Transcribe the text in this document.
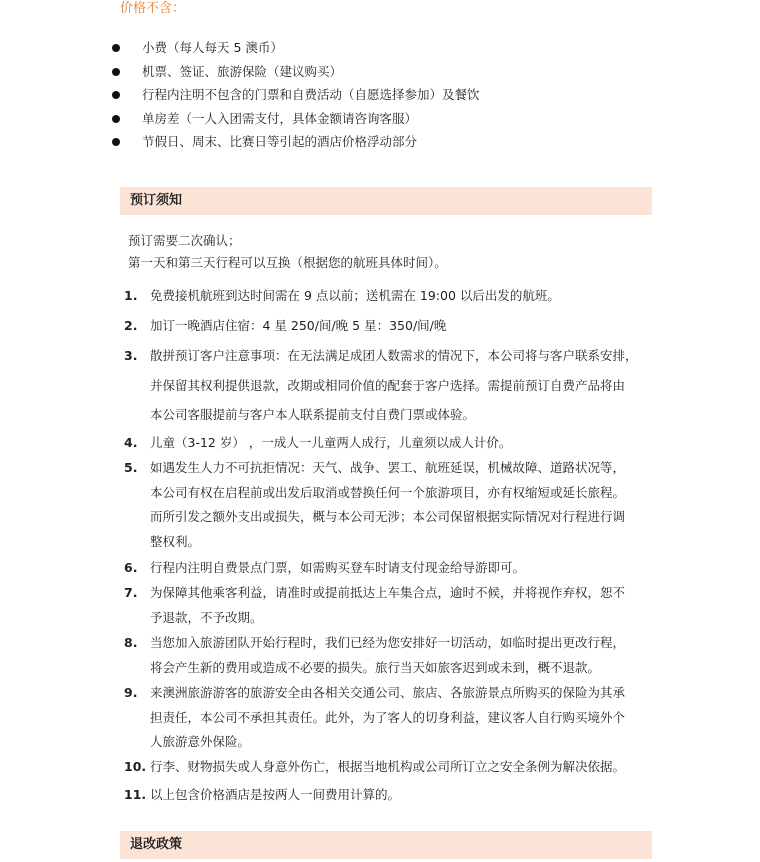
价格不含：
小费（每人每天 5 澳币）
机票、签证、旅游保险（建议购买）
行程内注明不包含的门票和自费活动（自愿选择参加）及餐饮
单房差（一人入团需支付，具体金额请咨询客服）
节假日、周末、比赛日等引起的酒店价格浮动部分
预订须知
预订需要二次确认；
第一天和第三天行程可以互换（根据您的航班具体时间）。
1. 免费接机航班到达时间需在 9 点以前；送机需在 19:00 以后出发的航班。
2. 加订一晚酒店住宿：4 星 250/间/晚 5 星：350/间/晚
3. 散拼预订客户注意事项：在无法满足成团人数需求的情况下，本公司将与客户联系安排，
并保留其权利提供退款，改期或相同价值的配套于客户选择。需提前预订自费产品将由
本公司客服提前与客户本人联系提前支付自费门票或体验。
4. 儿童（3-12 岁） ，一成人一儿童两人成行，儿童须以成人计价。
5. 如遇发生人力不可抗拒情况：天气、战争、罢工、航班延误，机械故障、道路状况等，
本公司有权在启程前或出发后取消或替换任何一个旅游项目，亦有权缩短或延长旅程。
而所引发之额外支出或损失，概与本公司无涉；本公司保留根据实际情况对行程进行调
整权利。
6. 行程内注明自费景点门票，如需购买登车时请支付现金给导游即可。
7. 为保障其他乘客利益，请准时或提前抵达上车集合点，逾时不候，并将视作弃权，恕不
予退款，不予改期。
8. 当您加入旅游团队开始行程时，我们已经为您安排好一切活动，如临时提出更改行程，
将会产生新的费用或造成不必要的损失。旅行当天如旅客迟到或未到，概不退款。
9. 来澳洲旅游游客的旅游安全由各相关交通公司、旅店、各旅游景点所购买的保险为其承
担责任，本公司不承担其责任。此外，为了客人的切身利益，建议客人自行购买境外个
人旅游意外保险。
10. 行李、财物损失或人身意外伤亡，根据当地机构或公司所订立之安全条例为解决依据。
11. 以上包含价格酒店是按两人一间费用计算的。
退改政策
